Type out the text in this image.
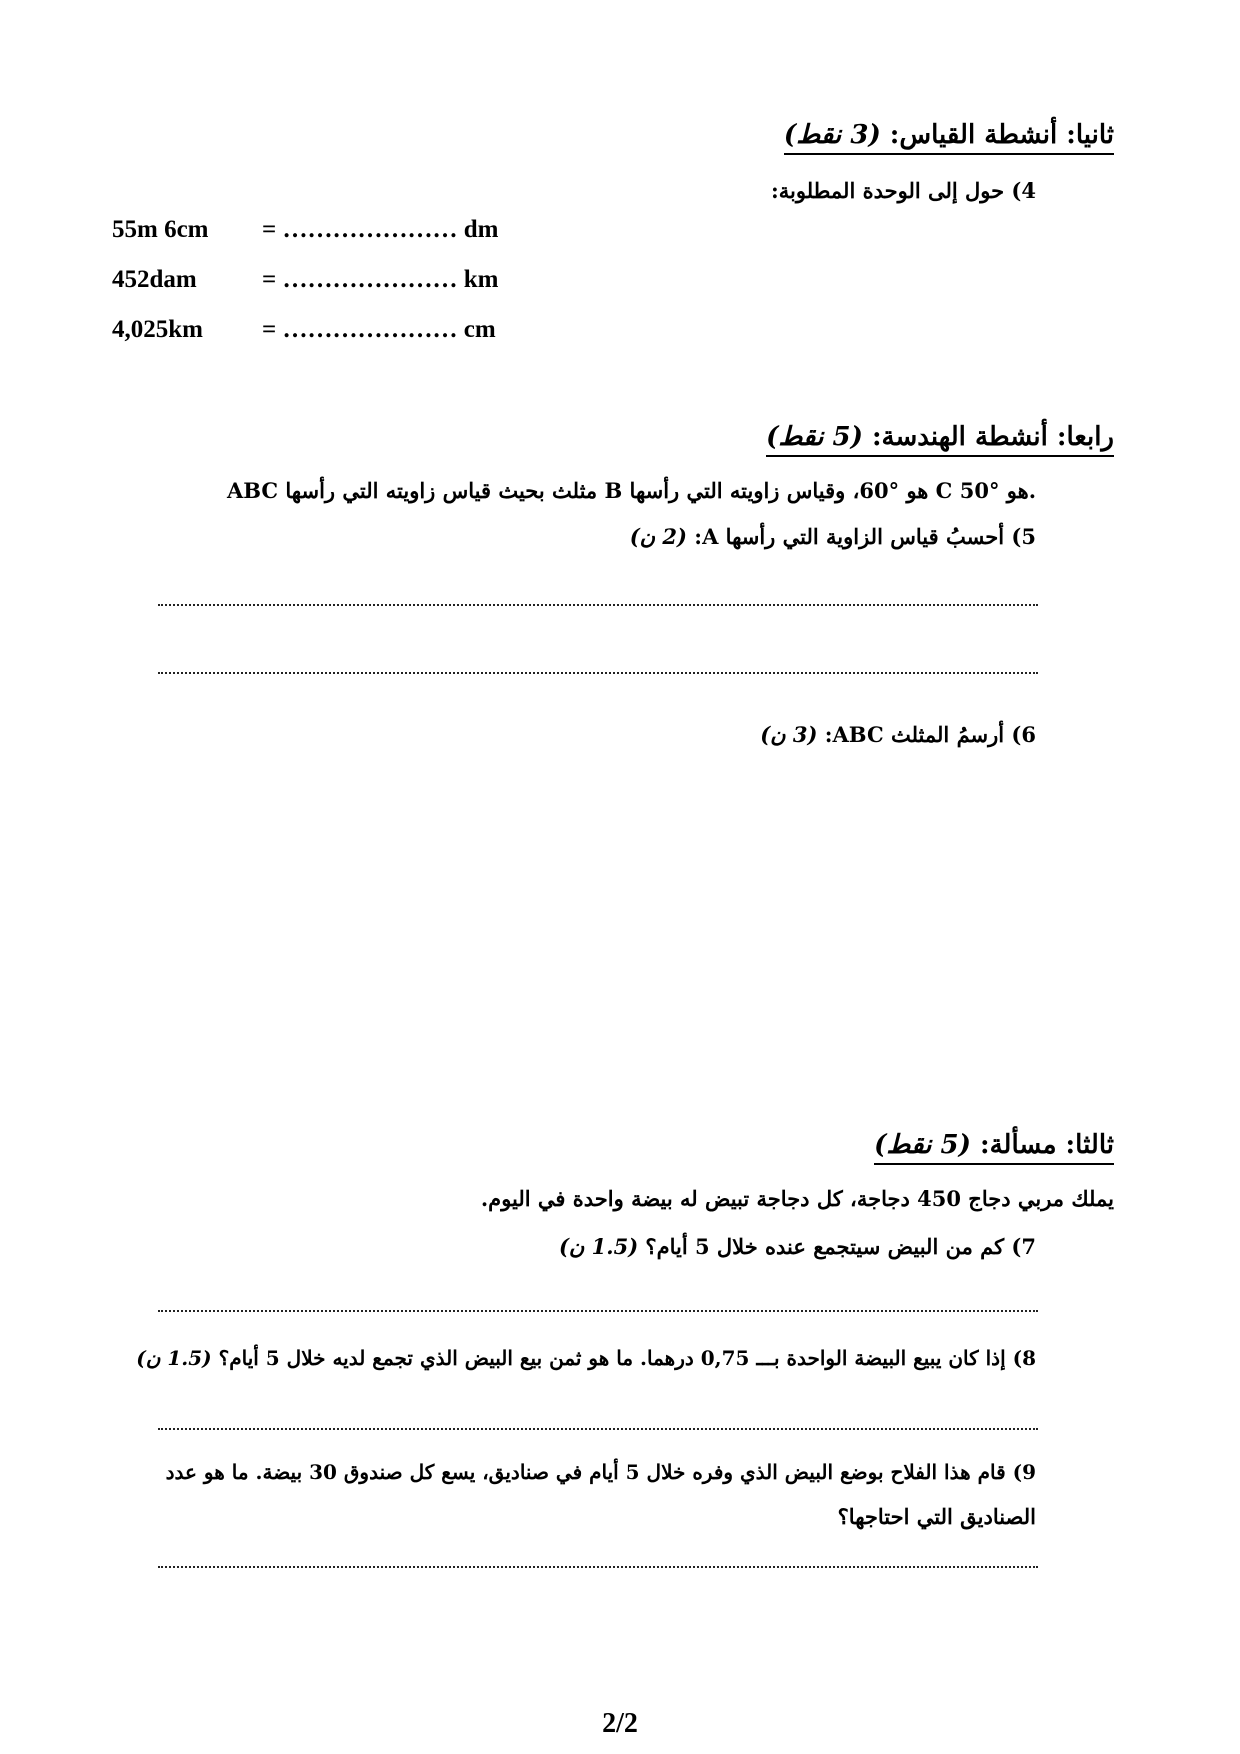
ثانيا: أنشطة القياس: (3 نقط)
4) حول إلى الوحدة المطلوبة:
55m 6cm	= ………………… dm
452dam	= ………………… km
4,025km	= ………………… cm
رابعا: أنشطة الهندسة: (5 نقط)
ABC مثلث بحيث قياس زاويته التي رأسها B هو °60، وقياس زاويته التي رأسها C هو °50.
5) أحسبُ قياس الزاوية التي رأسها A: (2 ن)
6) أرسمُ المثلث ABC: (3 ن)
ثالثا: مسألة: (5 نقط)
يملك مربي دجاج 450 دجاجة، كل دجاجة تبيض له بيضة واحدة في اليوم.
7) كم من البيض سيتجمع عنده خلال 5 أيام؟ (1.5 ن)
8) إذا كان يبيع البيضة الواحدة بـــ 0,75 درهما. ما هو ثمن بيع البيض الذي تجمع لديه خلال 5 أيام؟ (1.5 ن)
9) قام هذا الفلاح بوضع البيض الذي وفره خلال 5 أيام في صناديق، يسع كل صندوق 30 بيضة. ما هو عدد
الصناديق التي احتاجها؟
2/2
